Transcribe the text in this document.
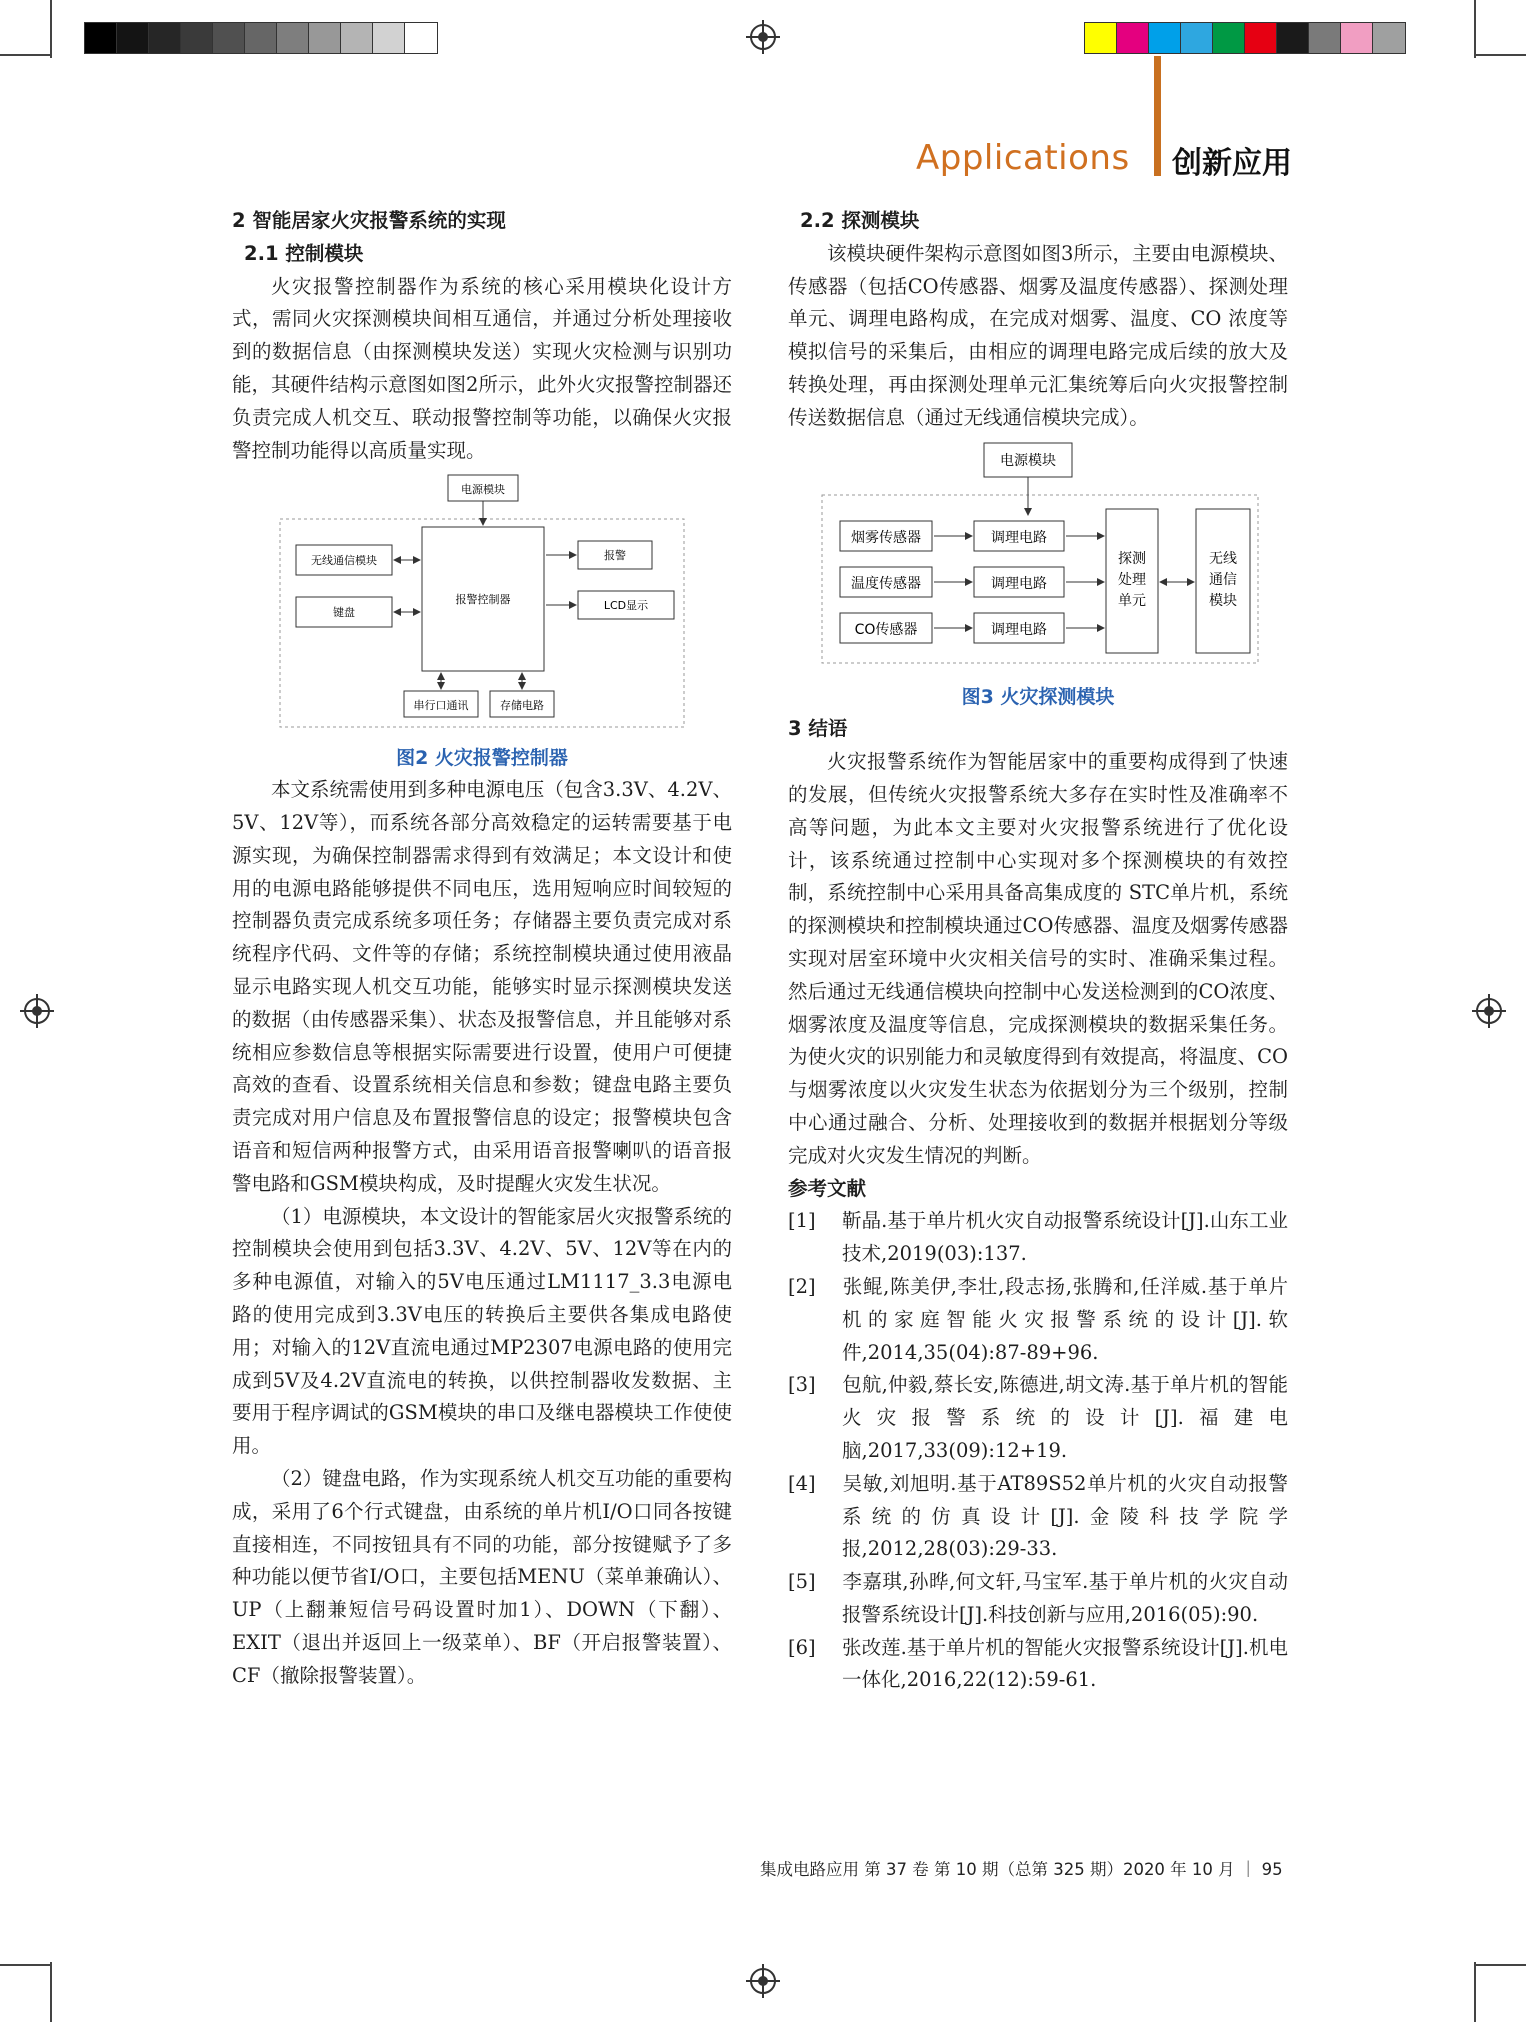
Applications 创新应用
2 智能居家火灾报警系统的实现
2.1 控制模块

火灾报警控制器作为系统的核心采用模块化设计方式，需同火灾探测模块间相互通信，并通过分析处理接收到的数据信息（由探测模块发送）实现火灾检测与识别功能，其硬件结构示意图如图2所示，此外火灾报警控制器还负责完成人机交互、联动报警控制等功能，以确保火灾报警控制功能得以高质量实现。

电源模块
报警控制器
无线通信模块
键盘
报警
LCD显示
串行口通讯	存储电路
图2 火灾报警控制器

本文系统需使用到多种电源电压（包含3.3V、4.2V、5V、12V等），而系统各部分高效稳定的运转需要基于电源实现，为确保控制器需求得到有效满足；本文设计和使用的电源电路能够提供不同电压，选用短响应时间较短的控制器负责完成系统多项任务；存储器主要负责完成对系统程序代码、文件等的存储；系统控制模块通过使用液晶显示电路实现人机交互功能，能够实时显示探测模块发送的数据（由传感器采集）、状态及报警信息，并且能够对系统相应参数信息等根据实际需要进行设置，使用户可便捷高效的查看、设置系统相关信息和参数；键盘电路主要负责完成对用户信息及布置报警信息的设定；报警模块包含语音和短信两种报警方式，由采用语音报警喇叭的语音报警电路和GSM模块构成，及时提醒火灾发生状况。

（1）电源模块，本文设计的智能家居火灾报警系统的控制模块会使用到包括3.3V、4.2V、5V、12V等在内的多种电源值，对输入的5V电压通过LM1117_3.3电源电路的使用完成到3.3V电压的转换后主要供各集成电路使用；对输入的12V直流电通过MP2307电源电路的使用完成到5V及4.2V直流电的转换，以供控制器收发数据、主要用于程序调试的GSM模块的串口及继电器模块工作使使用。

（2）键盘电路，作为实现系统人机交互功能的重要构成，采用了6个行式键盘，由系统的单片机I/O口同各按键直接相连，不同按钮具有不同的功能，部分按键赋予了多种功能以便节省I/O口，主要包括MENU（菜单兼确认）、UP（上翻兼短信号码设置时加1）、DOWN（下翻）、EXIT（退出并返回上一级菜单）、BF（开启报警装置）、CF（撤除报警装置）。

2.2 探测模块

该模块硬件架构示意图如图3所示，主要由电源模块、传感器（包括CO传感器、烟雾及温度传感器）、探测处理单元、调理电路构成，在完成对烟雾、温度、CO 浓度等模拟信号的采集后，由相应的调理电路完成后续的放大及转换处理，再由探测处理单元汇集统筹后向火灾报警控制传送数据信息（通过无线通信模块完成）。

电源模块
烟雾传感器
温度传感器
CO传感器
调理电路
调理电路
调理电路
探测
处理
单元
无线
通信
模块
图3 火灾探测模块
3 结语

火灾报警系统作为智能居家中的重要构成得到了快速的发展，但传统火灾报警系统大多存在实时性及准确率不高等问题，为此本文主要对火灾报警系统进行了优化设计，该系统通过控制中心实现对多个探测模块的有效控制，系统控制中心采用具备高集成度的 STC单片机，系统的探测模块和控制模块通过CO传感器、温度及烟雾传感器实现对居室环境中火灾相关信号的实时、准确采集过程。然后通过无线通信模块向控制中心发送检测到的CO浓度、烟雾浓度及温度等信息，完成探测模块的数据采集任务。为使火灾的识别能力和灵敏度得到有效提高，将温度、CO与烟雾浓度以火灾发生状态为依据划分为三个级别，控制中心通过融合、分析、处理接收到的数据并根据划分等级完成对火灾发生情况的判断。

参考文献
[1] 靳晶.基于单片机火灾自动报警系统设计[J].山东工业技术,2019(03):137.
[2] 张鲲,陈美伊,李壮,段志扬,张腾和,任洋威.基于单片机的家庭智能火灾报警系统的设计[J].软件,2014,35(04):87-89+96.
[3] 包航,仲毅,蔡长安,陈德进,胡文涛.基于单片机的智能火灾报警系统的设计[J].福建电脑,2017,33(09):12+19.
[4] 吴敏,刘旭明.基于AT89S52单片机的火灾自动报警系统的仿真设计[J].金陵科技学院学报,2012,28(03):29-33.
[5] 李嘉琪,孙晔,何文轩,马宝军.基于单片机的火灾自动报警系统设计[J].科技创新与应用,2016(05):90.
[6] 张改莲.基于单片机的智能火灾报警系统设计[J].机电一体化,2016,22(12):59-61.
集成电路应用 第 37 卷 第 10 期（总第 325 期）2020 年 10 月 ｜ 95
